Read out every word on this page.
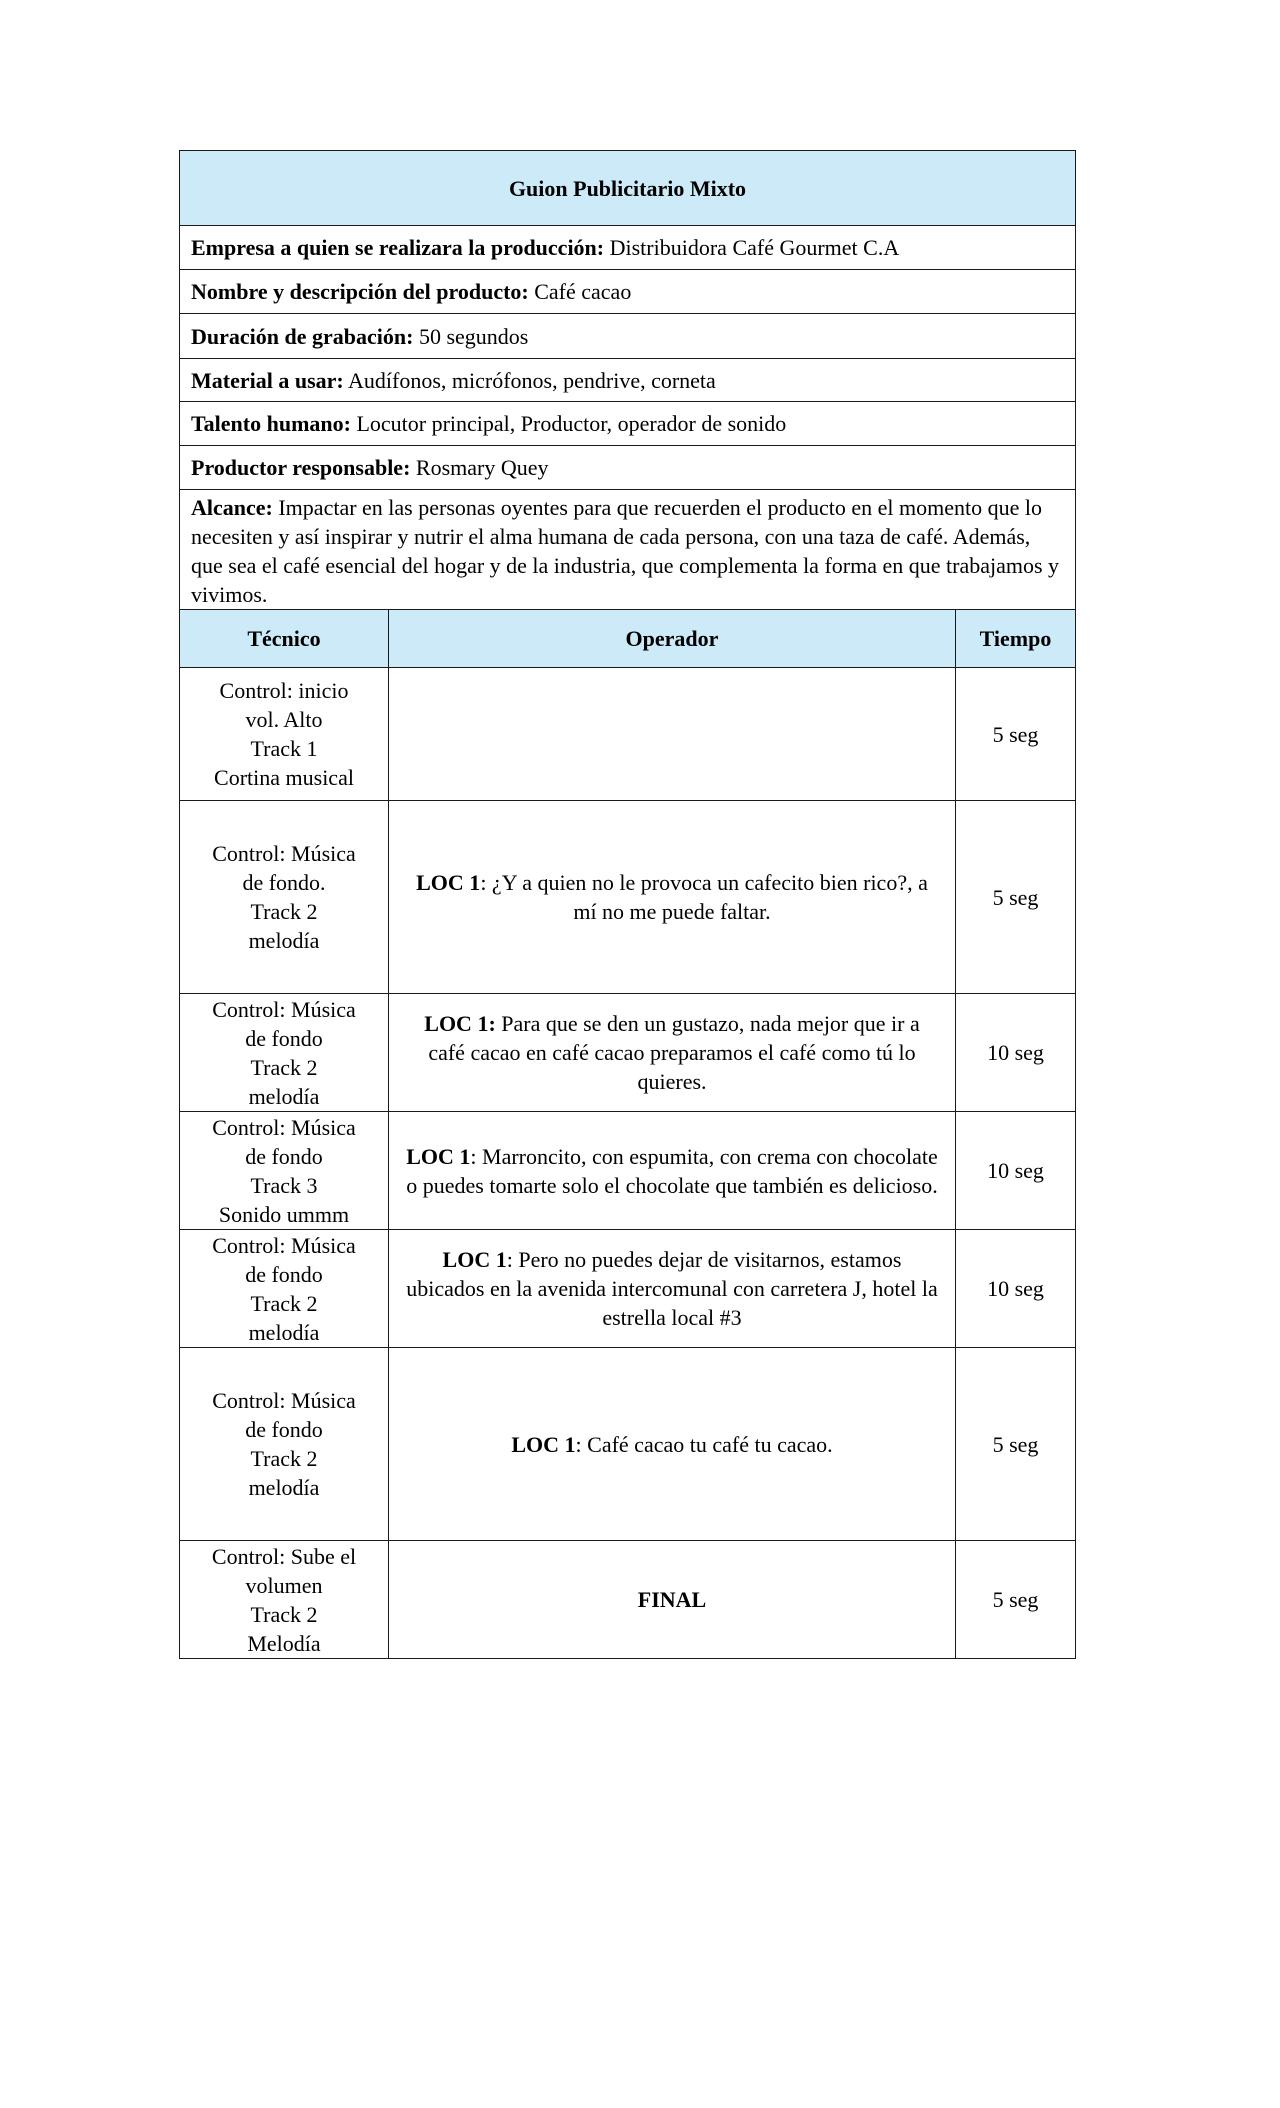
Guion Publicitario Mixto		
Empresa a quien se realizara la producción: Distribuidora Café Gourmet C.A		
Nombre y descripción del producto: Café cacao		
Duración de grabación: 50 segundos		
Material a usar: Audífonos, micrófonos, pendrive, corneta		
Talento humano: Locutor principal, Productor, operador de sonido		
Productor responsable: Rosmary Quey		
Alcance: Impactar en las personas oyentes para que recuerden el producto en el momento que lo necesiten y así inspirar y nutrir el alma humana de cada persona, con una taza de café. Además, que sea el café esencial del hogar y de la industria, que complementa la forma en que trabajamos y vivimos.		
Técnico	Operador	Tiempo

Control: inicio
vol. Alto
Track 1
Cortina musical		5 seg

Control: Música
de fondo.
Track 2
melodía	LOC 1: ¿Y a quien no le provoca un cafecito bien rico?, a mí no me puede faltar.	5 seg

Control: Música
de fondo
Track 2
melodía	LOC 1: Para que se den un gustazo, nada mejor que ir a café cacao en café cacao preparamos el café como tú lo quieres.	10 seg

Control: Música
de fondo
Track 3
Sonido ummm	LOC 1: Marroncito, con espumita, con crema con chocolate o puedes tomarte solo el chocolate que también es delicioso.	10 seg

Control: Música
de fondo
Track 2
melodía	LOC 1: Pero no puedes dejar de visitarnos, estamos ubicados en la avenida intercomunal con carretera J, hotel la estrella local #3	10 seg

Control: Música
de fondo
Track 2
melodía	LOC 1: Café cacao tu café tu cacao.	5 seg

Control: Sube el
volumen
Track 2
Melodía	FINAL	5 seg
